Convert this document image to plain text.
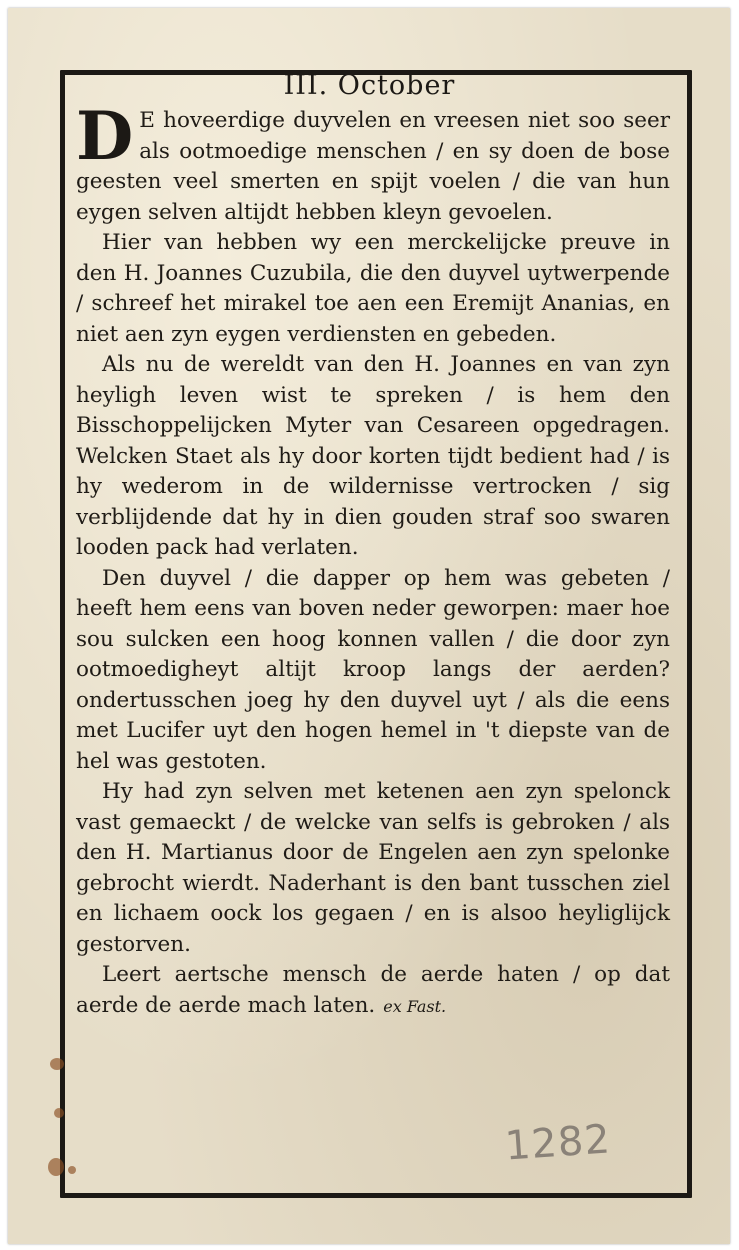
III. October

D E hoveerdige duyvelen en vreesen niet soo seer als ootmoedige menschen / en sy doen de bose geesten veel smerten en spijt voelen / die van hun eygen selven altijdt hebben kleyn gevoelen.

Hier van hebben wy een merckelijcke preuve in den H. Joannes Cuzubila, die den duyvel uytwerpende / schreef het mirakel toe aen een Eremijt Ananias, en niet aen zyn eygen verdiensten en gebeden.

Als nu de wereldt van den H. Joannes en van zyn heyligh leven wist te spreken / is hem den Bisschoppelijcken Myter van Cesareen opgedragen. Welcken Staet als hy door korten tijdt bedient had / is hy wederom in de wildernisse vertrocken / sig verblijdende dat hy in dien gouden straf soo swaren looden pack had verlaten.

Den duyvel / die dapper op hem was gebeten / heeft hem eens van boven neder geworpen: maer hoe sou sulcken een hoog konnen vallen / die door zyn ootmoedigheyt altijt kroop langs der aerden? ondertusschen joeg hy den duyvel uyt / als die eens met Lucifer uyt den hogen hemel in 't diepste van de hel was gestoten.

Hy had zyn selven met ketenen aen zyn spelonck vast gemaeckt / de welcke van selfs is gebroken / als den H. Martianus door de Engelen aen zyn spelonke gebrocht wierdt. Naderhant is den bant tusschen ziel en lichaem oock los gegaen / en is alsoo heyliglijck gestorven.

Leert aertsche mensch de aerde haten / op dat aerde de aerde mach laten. ex Fast.

1282
